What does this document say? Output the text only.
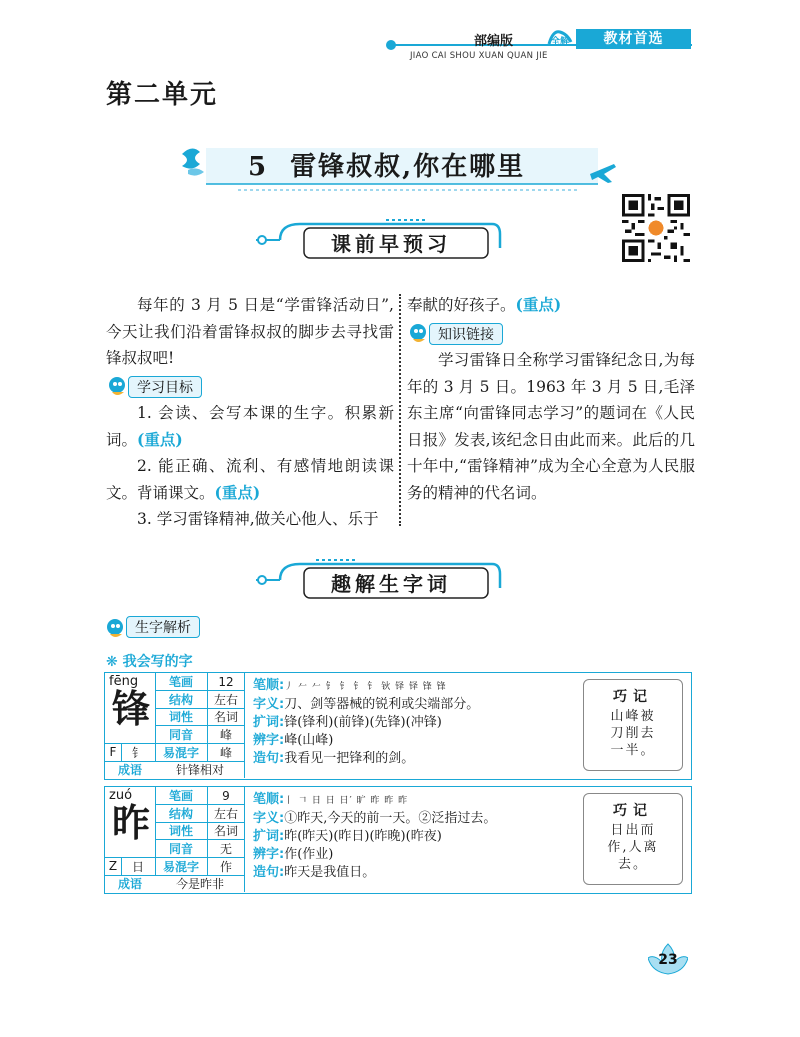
部编版	全解	教材首选
JIAO CAI SHOU XUAN QUAN JIE
第二单元
5 雷锋叔叔,你在哪里
课前早预习

每年的 3 月 5 日是“学雷锋活动日”,今天让我们沿着雷锋叔叔的脚步去寻找雷锋叔叔吧!

学习目标

1. 会读、会写本课的生字。积累新词。(重点)

2. 能正确、流利、有感情地朗读课文。背诵课文。(重点)

3. 学习雷锋精神,做关心他人、乐于

奉献的好孩子。(重点)

知识链接

学习雷锋日全称学习雷锋纪念日,为每年的 3 月 5 日。1963 年 3 月 5 日,毛泽东主席“向雷锋同志学习”的题词在《人民日报》发表,该纪念日由此而来。此后的几十年中,“雷锋精神”成为全心全意为人民服务的精神的代名词。

趣解生字词
生字解析
❋ 我会写的字
fēng
锋
笔画	12
结构	左右
词性	名词
同音	峰
F	钅	易混字	峰
成语	针锋相对
笔顺:丿 𠂉 𠂉 钅 钅 钅 钅 钬 铎 铎 锋 锋
字义:刀、剑等器械的锐利或尖端部分。
扩词:锋(锋利)(前锋)(先锋)(冲锋)
辨字:峰(山峰)
造句:我看见一把锋利的剑。
巧记
山峰被
刀削去
一半。
zuó
昨
笔画	9
结构	左右
词性	名词
同音	无
Z	日	易混字	作
成语	今是昨非
笔顺:丨 𠃍 日 日 日′ 旷 昨 昨 昨
字义:①昨天,今天的前一天。②泛指过去。
扩词:昨(昨天)(昨日)(昨晚)(昨夜)
辨字:作(作业)
造句:昨天是我值日。
巧记
日出而
作,人离
去。
23
